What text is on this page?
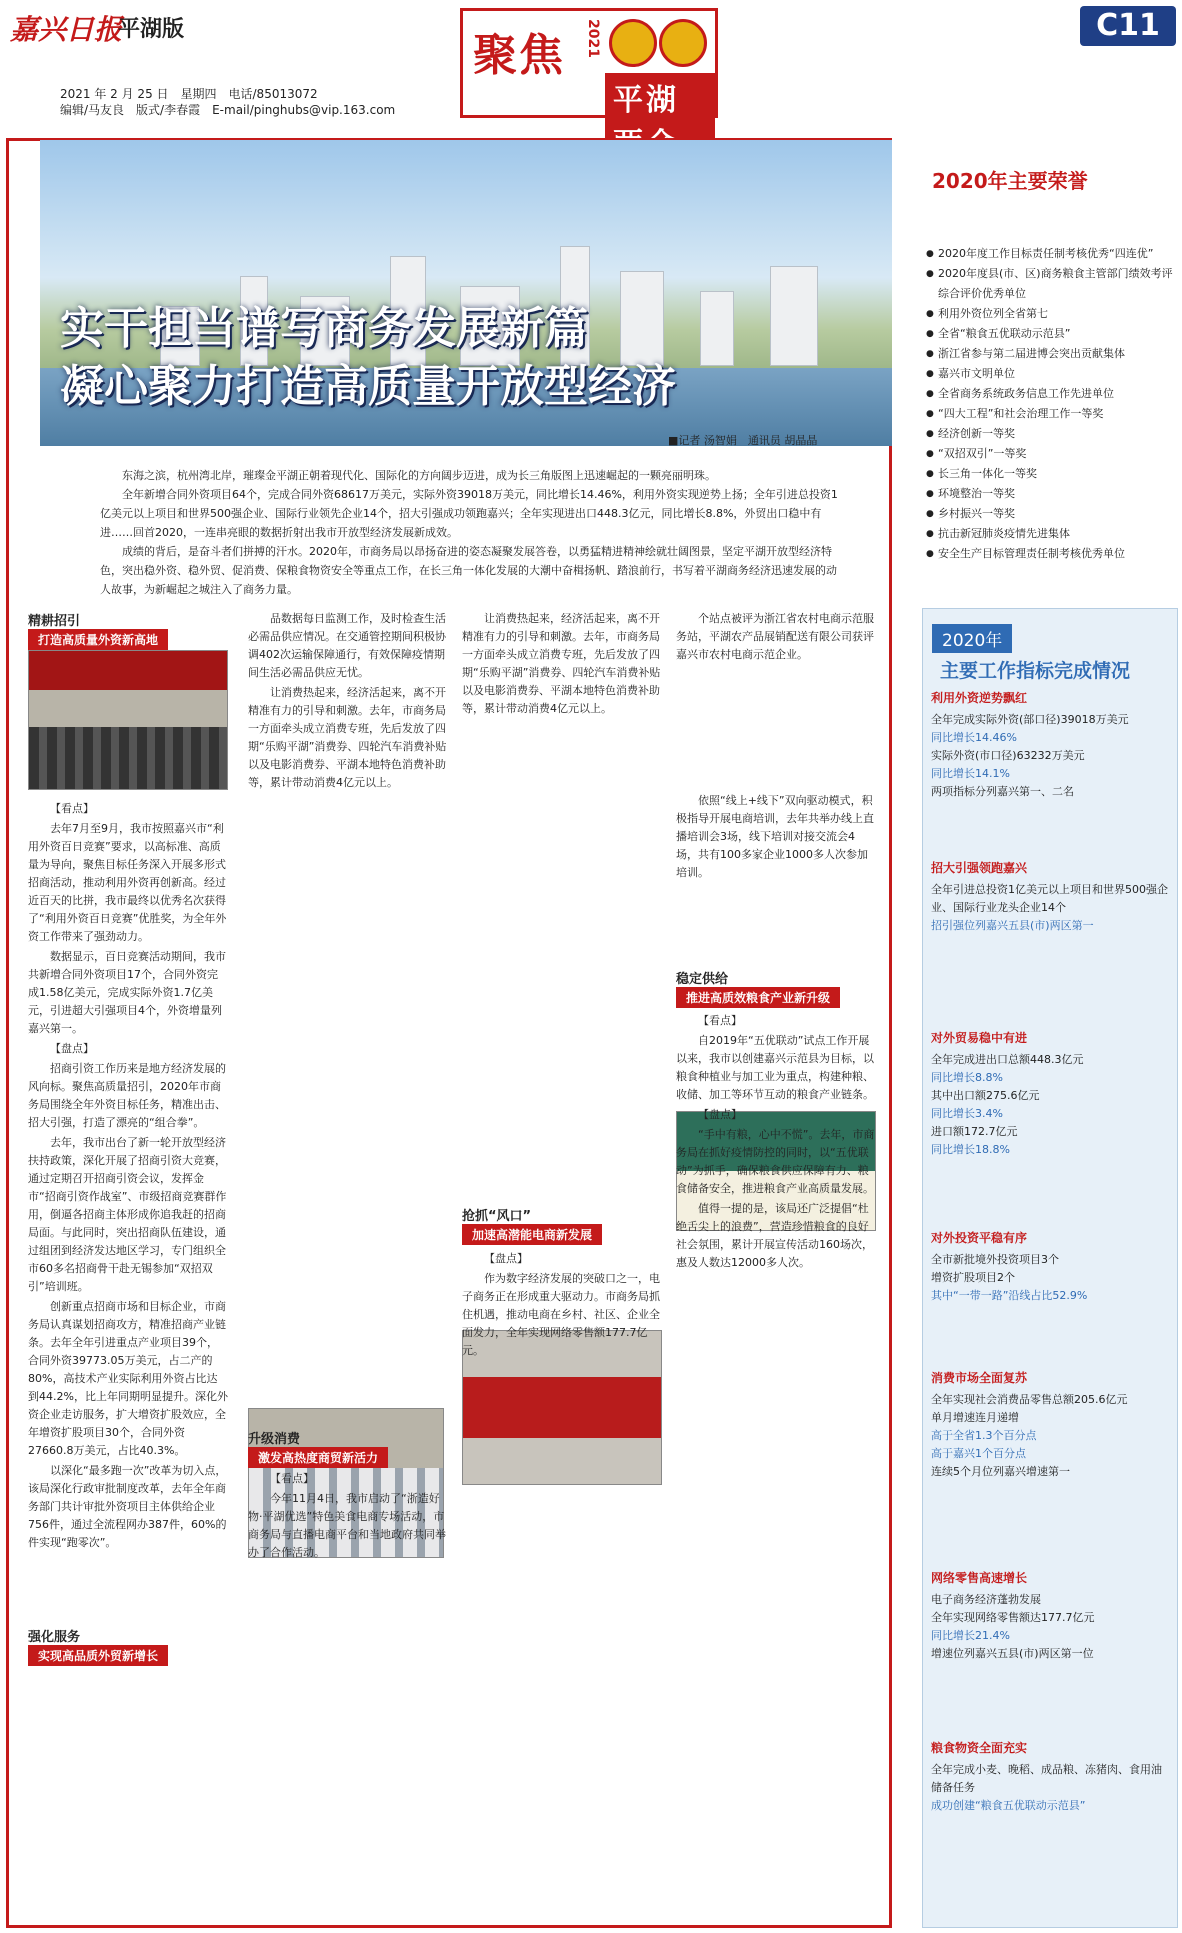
嘉兴日报
平湖版
2021 年 2 月 25 日　星期四　电话/85013072
编辑/马友良　版式/李春霞　E-mail/pinghubs@vip.163.com
聚焦 2021
平湖
C11
实干担当谱写商务发展新篇
凝心聚力打造高质量开放型经济
■记者 汤智娟　通讯员 胡晶晶

东海之滨，杭州湾北岸，璀璨金平湖正朝着现代化、国际化的方向阔步迈进，成为长三角版图上迅速崛起的一颗亮丽明珠。

全年新增合同外资项目64个，完成合同外资68617万美元，实际外资39018万美元，同比增长14.46%，利用外资实现逆势上扬；全年引进总投资1亿美元以上项目和世界500强企业、国际行业领先企业14个，招大引强成功领跑嘉兴；全年实现进出口448.3亿元，同比增长8.8%，外贸出口稳中有进……回首2020，一连串亮眼的数据折射出我市开放型经济发展新成效。

成绩的背后，是奋斗者们拼搏的汗水。2020年，市商务局以昂扬奋进的姿态凝聚发展答卷，以勇猛精进精神绘就壮阔图景，坚定平湖开放型经济特色，突出稳外资、稳外贸、促消费、保粮食物资安全等重点工作，在长三角一体化发展的大潮中奋楫扬帆、踏浪前行，书写着平湖商务经济迅速发展的动人故事，为新崛起之城注入了商务力量。

精耕招引
打造高质量外资新高地

【看点】

去年7月至9月，我市按照嘉兴市“利用外资百日竞赛”要求，以高标准、高质量为导向，聚焦目标任务深入开展多形式招商活动，推动利用外资再创新高。经过近百天的比拼，我市最终以优秀名次获得了“利用外资百日竞赛”优胜奖，为全年外资工作带来了强劲动力。

数据显示，百日竞赛活动期间，我市共新增合同外资项目17个，合同外资完成1.58亿美元，完成实际外资1.7亿美元，引进超大引强项目4个，外资增量列嘉兴第一。

【盘点】

招商引资工作历来是地方经济发展的风向标。聚焦高质量招引，2020年市商务局围绕全年外资目标任务，精准出击、招大引强，打造了漂亮的“组合拳”。

去年，我市出台了新一轮开放型经济扶持政策，深化开展了招商引资大竞赛，通过定期召开招商引资会议，发挥金市“招商引资作战室”、市级招商竞赛群作用，倒逼各招商主体形成你追我赶的招商局面。与此同时，突出招商队伍建设，通过组团到经济发达地区学习，专门组织全市60多名招商骨干赴无锡参加“双招双引”培训班。

创新重点招商市场和目标企业，市商务局认真谋划招商攻方，精准招商产业链条。去年全年引进重点产业项目39个，合同外资39773.05万美元，占二产的80%，高技术产业实际利用外资占比达到44.2%，比上年同期明显提升。深化外资企业走访服务，扩大增资扩股效应，全年增资扩股项目30个，合同外资27660.8万美元，占比40.3%。

以深化“最多跑一次”改革为切入点，该局深化行政审批制度改革，去年全年商务部门共计审批外资项目主体供给企业756件，通过全流程网办387件，60%的件实现“跑零次”。

强化服务
实现高品质外贸新增长
升级消费
激发高热度商贸新活力

品数据每日监测工作，及时检查生活必需品供应情况。在交通管控期间积极协调402次运输保障通行，有效保障疫情期间生活必需品供应无忧。

让消费热起来，经济活起来，离不开精准有力的引导和刺激。去年，市商务局一方面牵头成立消费专班，先后发放了四期“乐购平湖”消费券、四轮汽车消费补贴以及电影消费券、平湖本地特色消费补助等，累计带动消费4亿元以上。

【看点】

今年11月4日，我市启动了“浙造好物·平湖优选”特色美食电商专场活动，市商务局与直播电商平台和当地政府共同举办了合作活动。

让消费热起来，经济活起来，离不开精准有力的引导和刺激。去年，市商务局一方面牵头成立消费专班，先后发放了四期“乐购平湖”消费券、四轮汽车消费补贴以及电影消费券、平湖本地特色消费补助等，累计带动消费4亿元以上。

抢抓“风口”
加速高潜能电商新发展

【盘点】

作为数字经济发展的突破口之一，电子商务正在形成重大驱动力。市商务局抓住机遇，推动电商在乡村、社区、企业全面发力，全年实现网络零售额177.7亿元。

个站点被评为浙江省农村电商示范服务站，平湖农产品展销配送有限公司获评嘉兴市农村电商示范企业。

依照“线上+线下”双向驱动模式，积极指导开展电商培训，去年共举办线上直播培训会3场，线下培训对接交流会4场，共有100多家企业1000多人次参加培训。

稳定供给
推进高质效粮食产业新升级

【看点】

自2019年“五优联动”试点工作开展以来，我市以创建嘉兴示范县为目标，以粮食种植业与加工业为重点，构建种粮、收储、加工等环节互动的粮食产业链条。

【盘点】

“手中有粮，心中不慌”。去年，市商务局在抓好疫情防控的同时，以“五优联动”为抓手，确保粮食供应保障有力、粮食储备安全，推进粮食产业高质量发展。

值得一提的是，该局还广泛提倡“杜绝舌尖上的浪费”，营造珍惜粮食的良好社会氛围，累计开展宣传活动160场次，惠及人数达12000多人次。

2020年主要荣誉
● 2020年度工作目标责任制考核优秀“四连优”
● 2020年度县(市、区)商务粮食主管部门绩效考评综合评价优秀单位
● 利用外资位列全省第七
● 全省“粮食五优联动示范县”
● 浙江省参与第二届进博会突出贡献集体
● 嘉兴市文明单位
● 全省商务系统政务信息工作先进单位
● “四大工程”和社会治理工作一等奖
● 经济创新一等奖
● “双招双引”一等奖
● 长三角一体化一等奖
● 环境整治一等奖
● 乡村振兴一等奖
● 抗击新冠肺炎疫情先进集体
● 安全生产目标管理责任制考核优秀单位
利用外资逆势飘红
全年完成实际外资(部口径)39018万美元
同比增长14.46%
实际外资(市口径)63232万美元
同比增长14.1%
两项指标分列嘉兴第一、二名
招大引强领跑嘉兴
全年引进总投资1亿美元以上项目和世界500强企业、国际行业龙头企业14个
招引强位列嘉兴五县(市)两区第一
对外贸易稳中有进
全年完成进出口总额448.3亿元
同比增长8.8%
其中出口额275.6亿元
同比增长3.4%
进口额172.7亿元
同比增长18.8%
对外投资平稳有序
全市新批境外投资项目3个
增资扩股项目2个
其中“一带一路”沿线占比52.9%
消费市场全面复苏
全年实现社会消费品零售总额205.6亿元
单月增速连月递增
高于全省1.3个百分点
高于嘉兴1个百分点
连续5个月位列嘉兴增速第一
网络零售高速增长
电子商务经济蓬勃发展
全年实现网络零售额达177.7亿元
同比增长21.4%
增速位列嘉兴五县(市)两区第一位
粮食物资全面充实
全年完成小麦、晚稻、成品粮、冻猪肉、食用油储备任务
成功创建“粮食五优联动示范县”
2020年
主要工作指标完成情况
